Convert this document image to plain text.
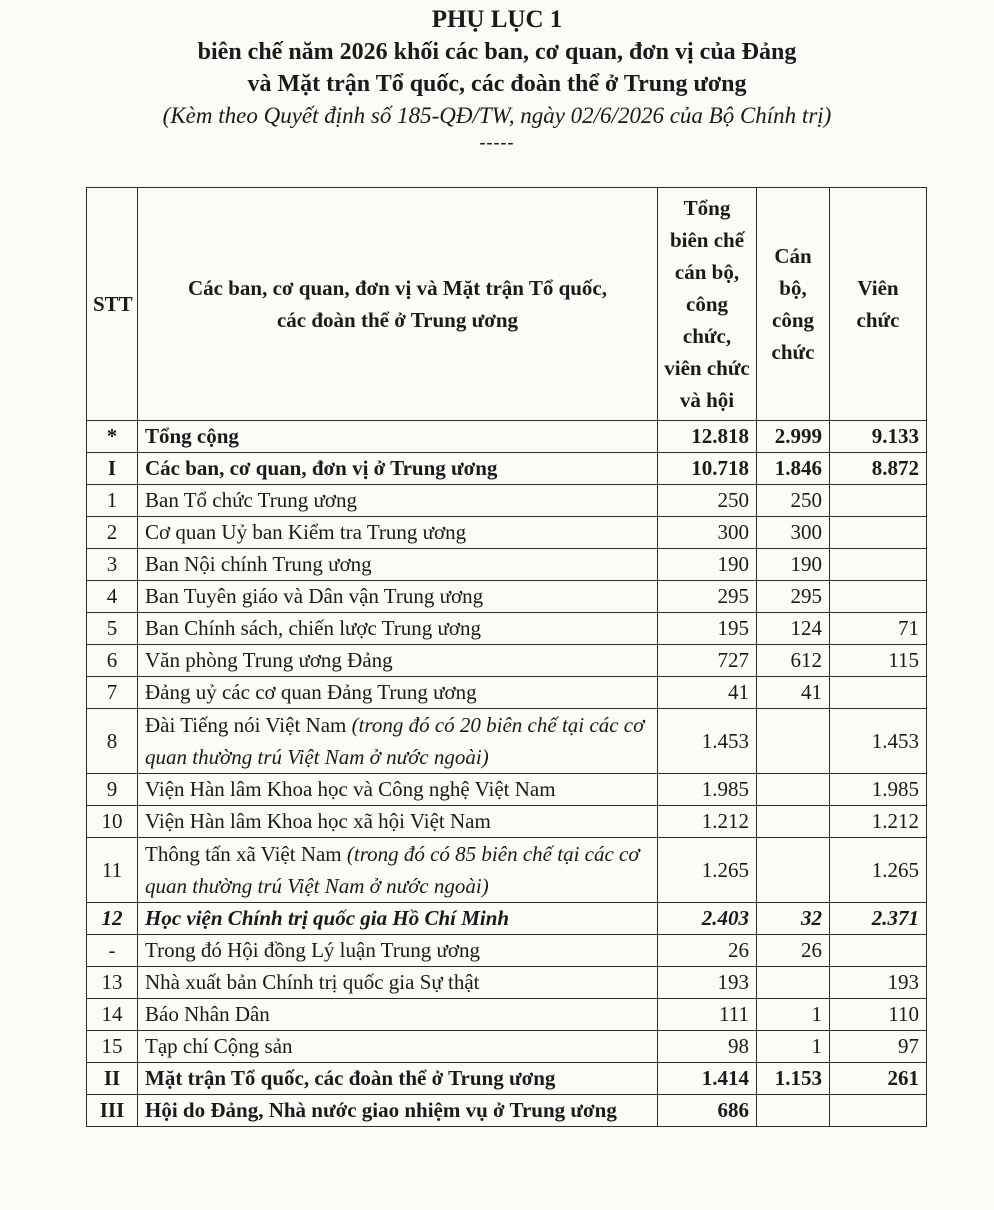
PHỤ LỤC 1
biên chế năm 2026 khối các ban, cơ quan, đơn vị của Đảng
và Mặt trận Tổ quốc, các đoàn thể ở Trung ương
(Kèm theo Quyết định số 185-QĐ/TW, ngày 02/6/2026 của Bộ Chính trị)
-----
STT	Các ban, cơ quan, đơn vị và Mặt trận Tổ quốc, các đoàn thể ở Trung ương	Tổng biên chế cán bộ, công chức, viên chức và hội	Cán bộ, công chức	Viên chức
*	Tổng cộng	12.818	2.999	9.133
I	Các ban, cơ quan, đơn vị ở Trung ương	10.718	1.846	8.872
1	Ban Tổ chức Trung ương	250	250	
2	Cơ quan Uỷ ban Kiểm tra Trung ương	300	300	
3	Ban Nội chính Trung ương	190	190	
4	Ban Tuyên giáo và Dân vận Trung ương	295	295	
5	Ban Chính sách, chiến lược Trung ương	195	124	71
6	Văn phòng Trung ương Đảng	727	612	115
7	Đảng uỷ các cơ quan Đảng Trung ương	41	41	
8	Đài Tiếng nói Việt Nam (trong đó có 20 biên chế tại các cơ quan thường trú Việt Nam ở nước ngoài)	1.453		1.453
9	Viện Hàn lâm Khoa học và Công nghệ Việt Nam	1.985		1.985
10	Viện Hàn lâm Khoa học xã hội Việt Nam	1.212		1.212
11	Thông tấn xã Việt Nam (trong đó có 85 biên chế tại các cơ quan thường trú Việt Nam ở nước ngoài)	1.265		1.265
12	Học viện Chính trị quốc gia Hồ Chí Minh	2.403	32	2.371
-	Trong đó Hội đồng Lý luận Trung ương	26	26	
13	Nhà xuất bản Chính trị quốc gia Sự thật	193		193
14	Báo Nhân Dân	111	1	110
15	Tạp chí Cộng sản	98	1	97
II	Mặt trận Tổ quốc, các đoàn thể ở Trung ương	1.414	1.153	261
III	Hội do Đảng, Nhà nước giao nhiệm vụ ở Trung ương	686		
